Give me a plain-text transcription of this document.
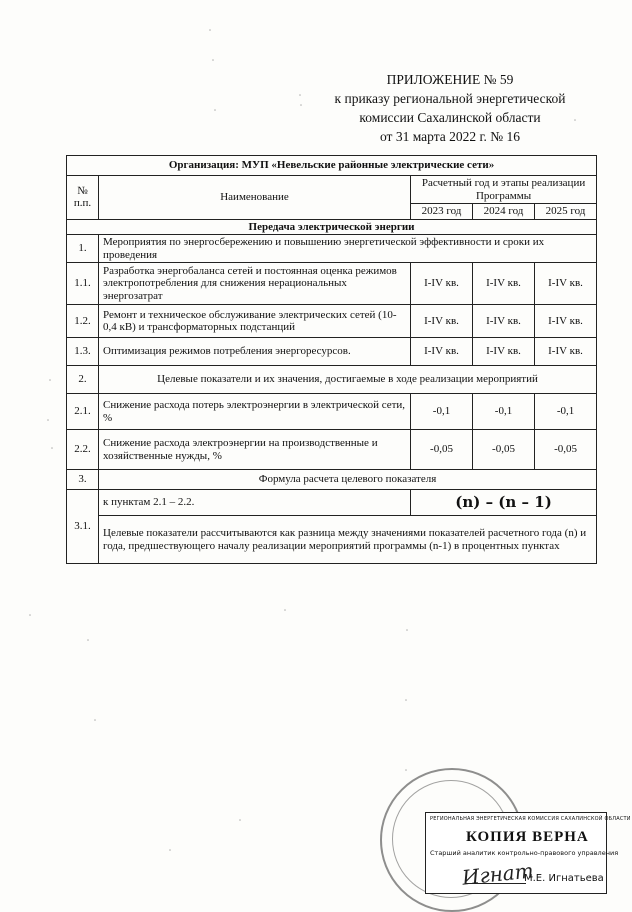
ПРИЛОЖЕНИЕ № 59
к приказу региональной энергетической
комиссии Сахалинской области
от 31 марта 2022 г. № 16
Организация: МУП «Невельские районные электрические сети»				
№ п.п.	Наименование	Расчетный год и этапы реализации Программы		
		2023 год	2024 год	2025 год
Передача электрической энергии				
1.	Мероприятия по энергосбережению и повышению энергетической эффективности и сроки их проведения			
1.1.	Разработка энергобаланса сетей и постоянная оценка режимов электропотребления для снижения нерациональных энергозатрат	I-IV кв.	I-IV кв.	I-IV кв.
1.2.	Ремонт и техническое обслуживание электрических сетей (10-0,4 кВ) и трансформаторных подстанций	I-IV кв.	I-IV кв.	I-IV кв.
1.3.	Оптимизация режимов потребления энергоресурсов.	I-IV кв.	I-IV кв.	I-IV кв.
2.	Целевые показатели и их значения, достигаемые в ходе реализации мероприятий			
2.1.	Снижение расхода потерь электроэнергии в электрической сети, %	-0,1	-0,1	-0,1
2.2.	Снижение расхода электроэнергии на производственные и хозяйственные нужды, %	-0,05	-0,05	-0,05
3.	Формула расчета целевого показателя			
3.1.	к пунктам 2.1 – 2.2.	(n) – (n – 1)		
	Целевые показатели рассчитываются как разница между значениями показателей расчетного года (n) и года, предшествующего началу реализации мероприятий программы (n-1) в процентных пунктах			
РЕГИОНАЛЬНАЯ ЭНЕРГЕТИЧЕСКАЯ КОМИССИЯ САХАЛИНСКОЙ ОБЛАСТИ
КОПИЯ ВЕРНА
Старший аналитик контрольно-правового управления
М.Е. Игнатьева
Игнат
